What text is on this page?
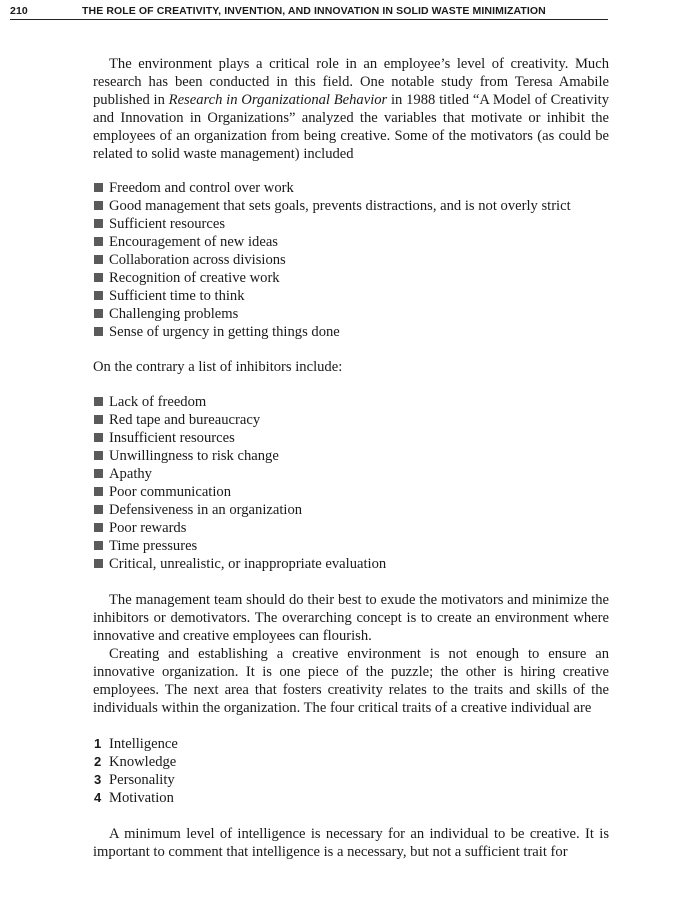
210	THE ROLE OF CREATIVITY, INVENTION, AND INNOVATION IN SOLID WASTE MINIMIZATION

The environment plays a critical role in an employee’s level of creativity. Much research has been conducted in this field. One notable study from Teresa Amabile published in Research in Organizational Behavior in 1988 titled “A Model of Creativity and Innovation in Organizations” analyzed the variables that motivate or inhibit the employees of an organization from being creative. Some of the motivators (as could be related to solid waste management) included

Freedom and control over work
Good management that sets goals, prevents distractions, and is not overly strict
Sufficient resources
Encouragement of new ideas
Collaboration across divisions
Recognition of creative work
Sufficient time to think
Challenging problems
Sense of urgency in getting things done

On the contrary a list of inhibitors include:

Lack of freedom
Red tape and bureaucracy
Insufficient resources
Unwillingness to risk change
Apathy
Poor communication
Defensiveness in an organization
Poor rewards
Time pressures
Critical, unrealistic, or inappropriate evaluation

The management team should do their best to exude the motivators and minimize the inhibitors or demotivators. The overarching concept is to create an environment where innovative and creative employees can flourish.

Creating and establishing a creative environment is not enough to ensure an innovative organization. It is one piece of the puzzle; the other is hiring creative employees. The next area that fosters creativity relates to the traits and skills of the individuals within the organization. The four critical traits of a creative individual are

1 Intelligence
2 Knowledge
3 Personality
4 Motivation

A minimum level of intelligence is necessary for an individual to be creative. It is important to comment that intelligence is a necessary, but not a sufficient trait for
